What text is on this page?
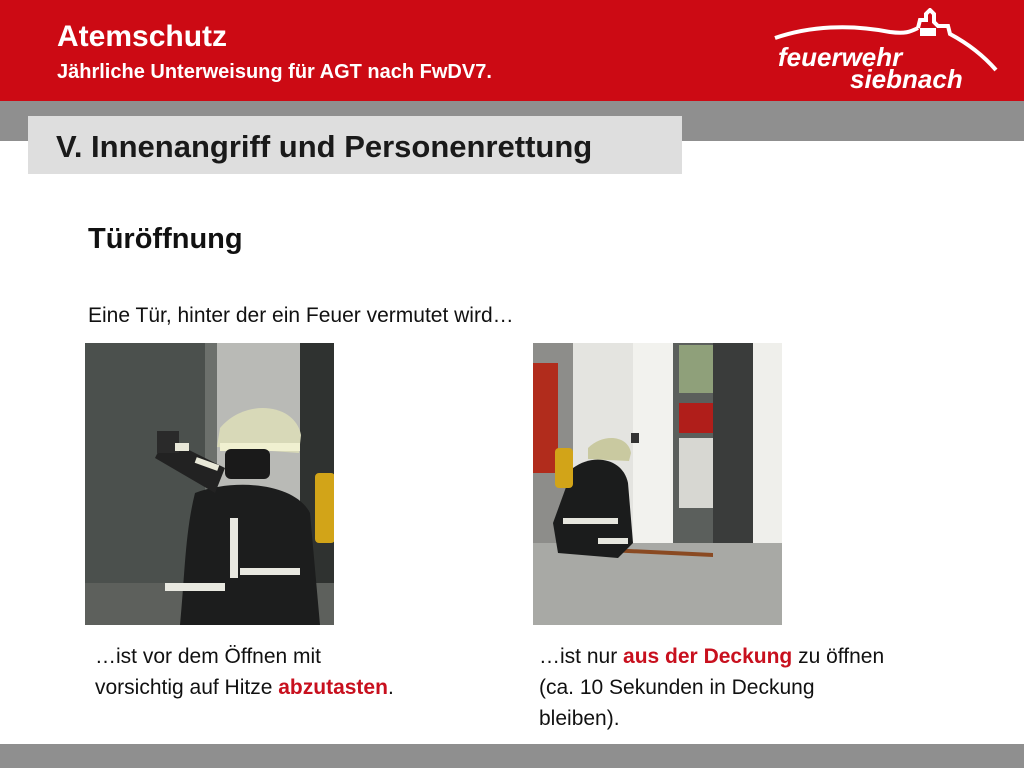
Atemschutz
Jährliche Unterweisung für AGT nach FwDV7.	feuerwehr
siebnach
V. Innenangriff und Personenrettung
Türöffnung
Eine Tür, hinter der ein Feuer vermutet wird…
…ist vor dem Öffnen mit vorsichtig auf Hitze abzutasten.
…ist nur aus der Deckung zu öffnen (ca. 10 Sekunden in Deckung bleiben).
